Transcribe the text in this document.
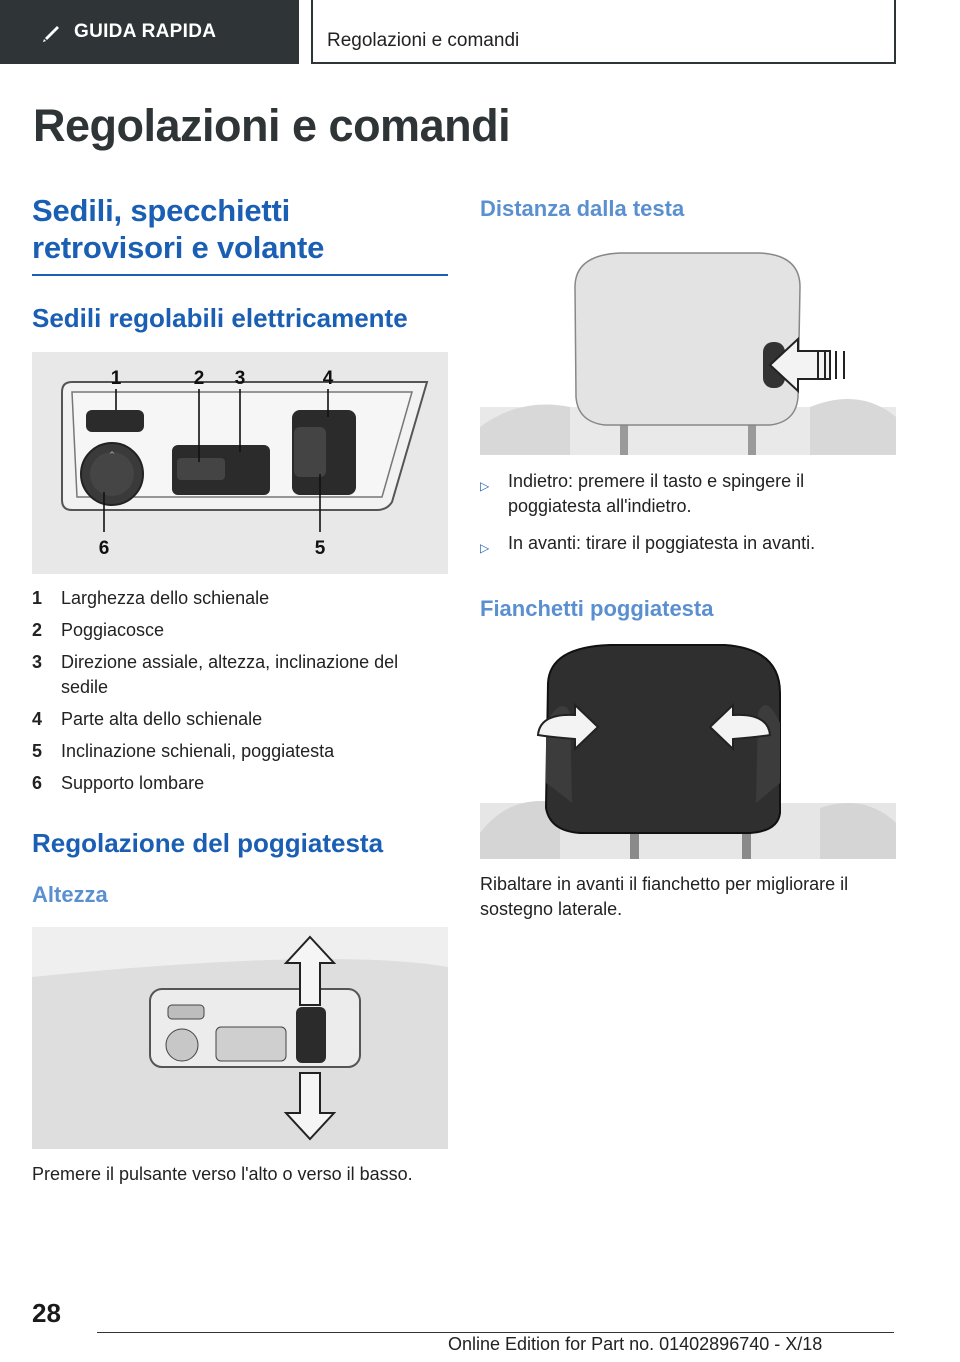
GUIDA RAPIDA	Regolazioni e comandi
Regolazioni e comandi
Sedili, specchietti retrovisori e volante
Sedili regolabili elettricamente
^
1	2 3	4
5
6
1	Larghezza dello schienale
2	Poggiacosce
3	Direzione assiale, altezza, inclinazione del sedile
4	Parte alta dello schienale
5	Inclinazione schienali, poggiatesta
6	Supporto lombare
Regolazione del poggiatesta
Altezza

Premere il pulsante verso l'alto o verso il basso.

Distanza dalla testa
▷	Indietro: premere il tasto e spingere il poggiatesta all'indietro.
▷	In avanti: tirare il poggiatesta in avanti.
Fianchetti poggiatesta

Ribaltare in avanti il fianchetto per migliorare il sostegno laterale.

28
Online Edition for Part no. 01402896740 - X/18
